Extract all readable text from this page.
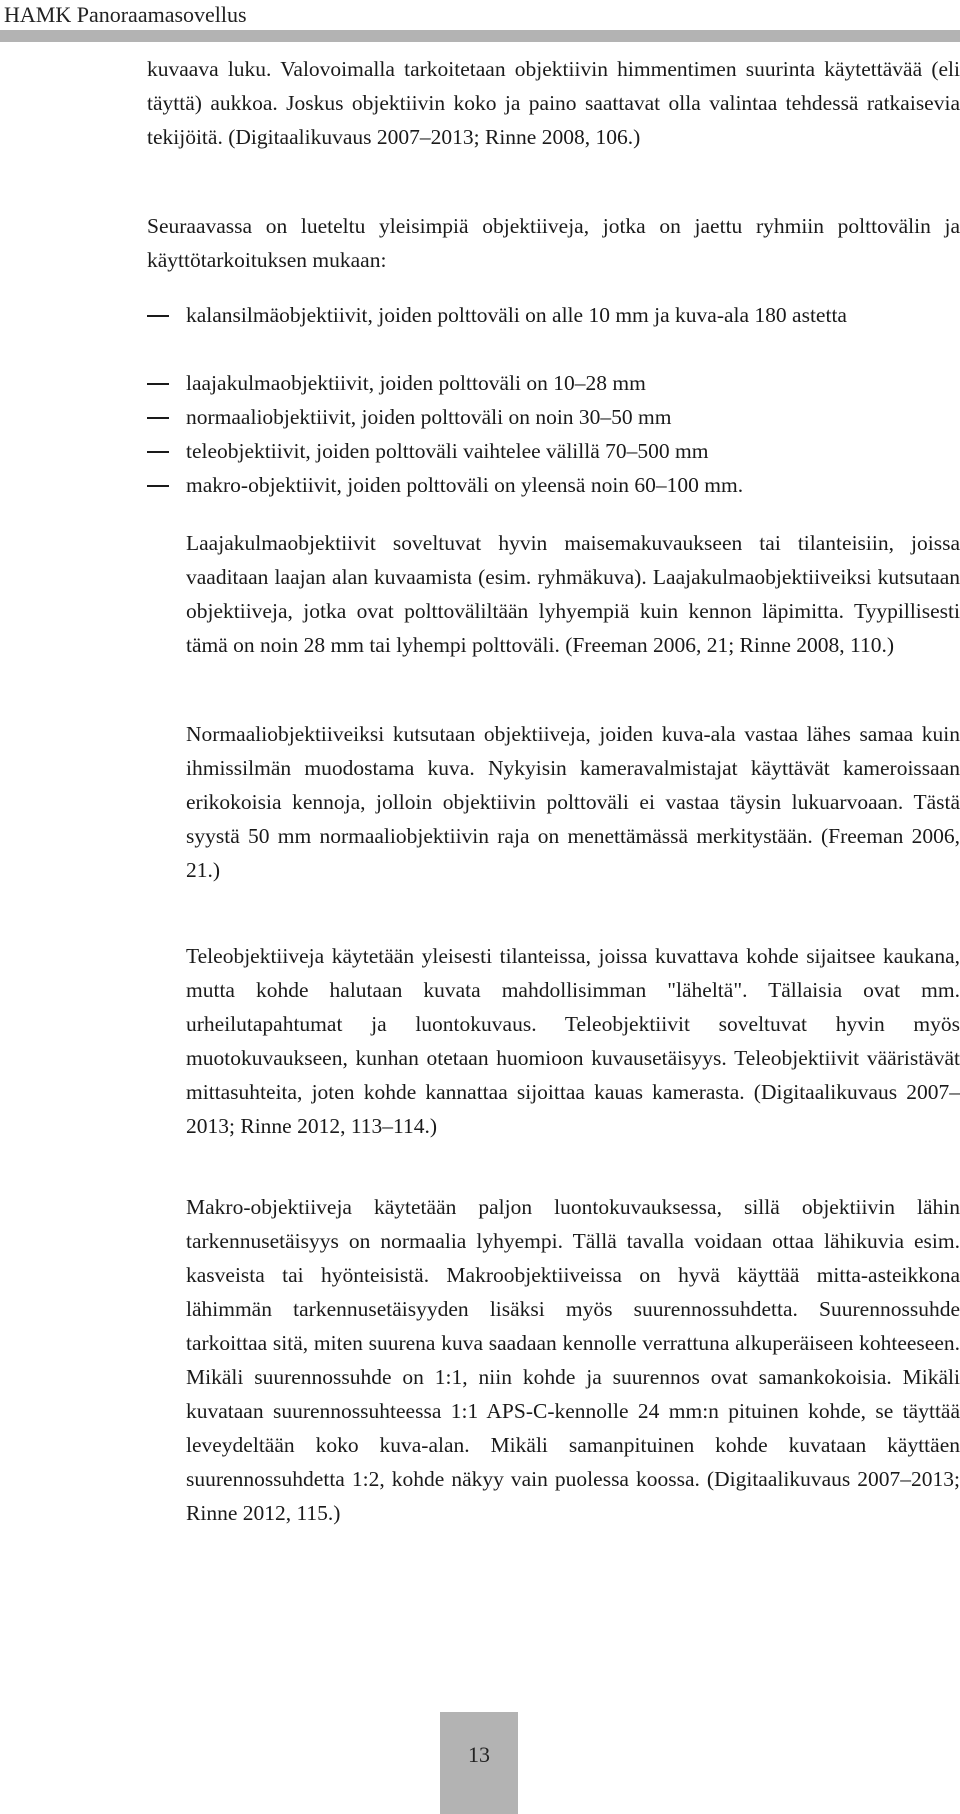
HAMK Panoraamasovellus

kuvaava luku. Valovoimalla tarkoitetaan objektiivin himmentimen suurinta käytettävää (eli täyttä) aukkoa. Joskus objektiivin koko ja paino saattavat olla valintaa tehdessä ratkaisevia tekijöitä. (Digitaalikuvaus 2007–2013; Rinne 2008, 106.)

Seuraavassa on lueteltu yleisimpiä objektiiveja, jotka on jaettu ryhmiin polttovälin ja käyttötarkoituksen mukaan:

kalansilmäobjektiivit, joiden polttoväli on alle 10 mm ja kuva-ala 180 astetta
laajakulmaobjektiivit, joiden polttoväli on 10–28 mm
normaaliobjektiivit, joiden polttoväli on noin 30–50 mm
teleobjektiivit, joiden polttoväli vaihtelee välillä 70–500 mm
makro-objektiivit, joiden polttoväli on yleensä noin 60–100 mm.

Laajakulmaobjektiivit soveltuvat hyvin maisemakuvaukseen tai tilanteisiin, joissa vaaditaan laajan alan kuvaamista (esim. ryhmäkuva). Laajakulmaobjektiiveiksi kutsutaan objektiiveja, jotka ovat polttoväliltään lyhyempiä kuin kennon läpimitta. Tyypillisesti tämä on noin 28 mm tai lyhempi polttoväli. (Freeman 2006, 21; Rinne 2008, 110.)

Normaaliobjektiiveiksi kutsutaan objektiiveja, joiden kuva-ala vastaa lähes samaa kuin ihmissilmän muodostama kuva. Nykyisin kameravalmistajat käyttävät kameroissaan erikokoisia kennoja, jolloin objektiivin polttoväli ei vastaa täysin lukuarvoaan. Tästä syystä 50 mm normaaliobjektiivin raja on menettämässä merkitystään. (Freeman 2006, 21.)

Teleobjektiiveja käytetään yleisesti tilanteissa, joissa kuvattava kohde sijaitsee kaukana, mutta kohde halutaan kuvata mahdollisimman "läheltä". Tällaisia ovat mm. urheilutapahtumat ja luontokuvaus. Teleobjektiivit soveltuvat hyvin myös muotokuvaukseen, kunhan otetaan huomioon kuvausetäisyys. Teleobjektiivit vääristävät mittasuhteita, joten kohde kannattaa sijoittaa kauas kamerasta. (Digitaalikuvaus 2007–2013; Rinne 2012, 113–114.)

Makro-objektiiveja käytetään paljon luontokuvauksessa, sillä objektiivin lähin tarkennusetäisyys on normaalia lyhyempi. Tällä tavalla voidaan ottaa lähikuvia esim. kasveista tai hyönteisistä. Makroobjektiiveissa on hyvä käyttää mitta-asteikkona lähimmän tarkennusetäisyyden lisäksi myös suurennossuhdetta. Suurennossuhde tarkoittaa sitä, miten suurena kuva saadaan kennolle verrattuna alkuperäiseen kohteeseen. Mikäli suurennossuhde on 1:1, niin kohde ja suurennos ovat samankokoisia. Mikäli kuvataan suurennossuhteessa 1:1 APS-C-kennolle 24 mm:n pituinen kohde, se täyttää leveydeltään koko kuva-alan. Mikäli samanpituinen kohde kuvataan käyttäen suurennossuhdetta 1:2, kohde näkyy vain puolessa koossa. (Digitaalikuvaus 2007–2013; Rinne 2012, 115.)

13
